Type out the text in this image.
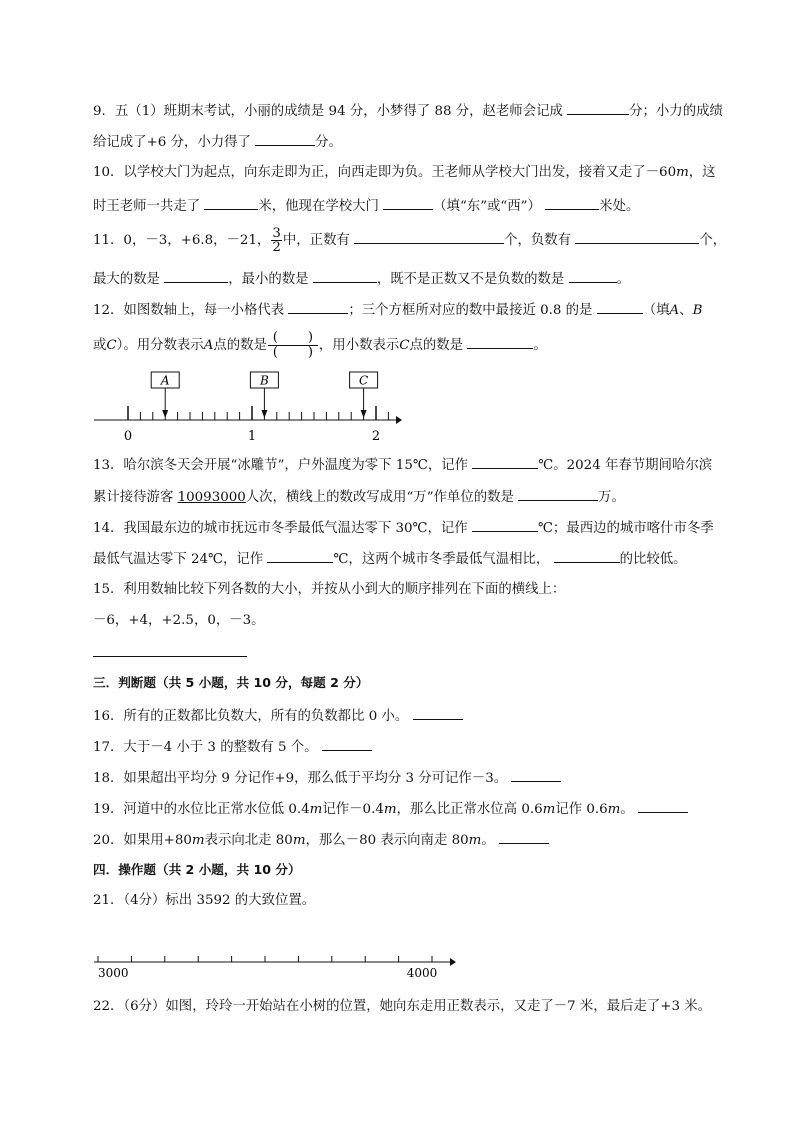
9．五（1）班期末考试，小丽的成绩是 94 分，小梦得了 88 分，赵老师会记成	分；小力的成绩
给记成了+6 分，小力得了	分。
10．以学校大门为起点，向东走即为正，向西走即为负。王老师从学校大门出发，接着又走了－60m，这
时王老师一共走了	米，他现在学校大门	（填“东”或“西”）	米处。
11．0，－3，+6.8，－21， $\frac{3}{2}$ 中，正数有	个，负数有	个，
最大的数是	，最小的数是	，既不是正数又不是负数的数是	。
12．如图数轴上，每一小格代表	；三个方框所对应的数中最接近 0.8 的是	（填A、B
或C）。用分数表示A点的数是 $\frac{( )}{( )}$ ，用小数表示C点的数是	。
0	1	2
A	B	C
13．哈尔滨冬天会开展“冰雕节”，户外温度为零下 15℃，记作	℃。2024 年春节期间哈尔滨
累计接待游客 10093000人次，横线上的数改写成用“万”作单位的数是	万。
14．我国最东边的城市抚远市冬季最低气温达零下 30℃，记作	℃；最西边的城市喀什市冬季
最低气温达零下 24℃，记作	℃，这两个城市冬季最低气温相比，	的比较低。
15．利用数轴比较下列各数的大小，并按从小到大的顺序排列在下面的横线上：
－6，+4，+2.5，0，－3。
三．判断题（共 5 小题，共 10 分，每题 2 分）
16．所有的正数都比负数大，所有的负数都比 0 小。
17．大于－4 小于 3 的整数有 5 个。
18．如果超出平均分 9 分记作+9，那么低于平均分 3 分可记作－3。
19．河道中的水位比正常水位低 0.4m记作－0.4m，那么比正常水位高 0.6m记作 0.6m。
20．如果用+80m表示向北走 80m，那么－80 表示向南走 80m。
四．操作题（共 2 小题，共 10 分）
21．（4分）标出 3592 的大致位置。
3000	4000
22．（6分）如图，玲玲一开始站在小树的位置，她向东走用正数表示，又走了－7 米，最后走了+3 米。
